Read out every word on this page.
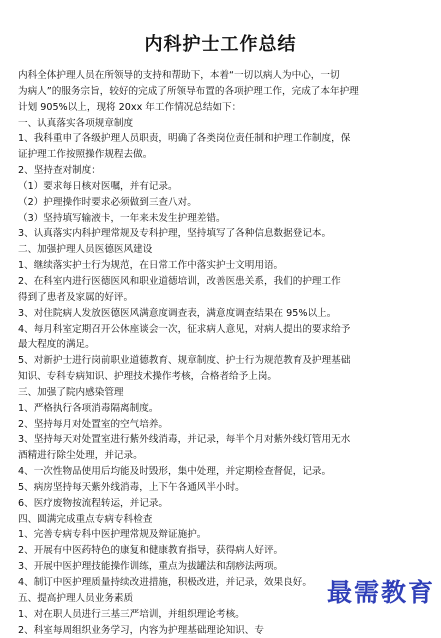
内科护士工作总结
内科全体护理人员在所领导的支持和帮助下，本着“一切以病人为中心，一切
为病人”的服务宗旨，较好的完成了所领导布置的各项护理工作，完成了本年护理
计划 905%以上，现将 20xx 年工作情况总结如下：
一、认真落实各项规章制度
1、我科重申了各级护理人员职责，明确了各类岗位责任制和护理工作制度，保
证护理工作按照操作规程去做。
2、坚持查对制度：
（1）要求每日核对医嘱，并有记录。
（2）护理操作时要求必须做到三查八对。
（3）坚持填写输液卡，一年来未发生护理差错。
3、认真落实内科护理常规及专科护理，坚持填写了各种信息数据登记本。
二、加强护理人员医德医风建设
1、继续落实护士行为规范，在日常工作中落实护士文明用语。
2、在科室内进行医德医风和职业道德培训，改善医患关系，我们的护理工作
得到了患者及家属的好评。
3、对住院病人发放医德医风满意度调查表，满意度调查结果在 95%以上。
4、每月科室定期召开公休座谈会一次，征求病人意见，对病人提出的要求给予
最大程度的满足。
5、对新护士进行岗前职业道德教育、规章制度、护士行为规范教育及护理基础
知识、专科专病知识、护理技术操作考核，合格者给予上岗。
三、加强了院内感染管理
1、严格执行各项消毒隔离制度。
2、坚持每月对处置室的空气培养。
3、坚持每天对处置室进行紫外线消毒，并记录，每半个月对紫外线灯管用无水
酒精进行除尘处理，并记录。
4、一次性物品使用后均能及时毁形，集中处理，并定期检查督促，记录。
5、病房坚持每天紫外线消毒，上下午各通风半小时。
6、医疗废物按流程转运，并记录。
四、圆满完成重点专病专科检查
1、完善专病专科中医护理常规及辩证施护。
2、开展有中医药特色的康复和健康教育指导，获得病人好评。
3、开展中医护理技能操作训练，重点为拔罐法和刮痧法两项。
4、制订中医护理质量持续改进措施，积极改进，并记录，效果良好。
五、提高护理人员业务素质
1、对在职人员进行三基三严培训，并组织理论考核。
2、科室每周组织业务学习，内容为护理基础理论知识、专
最需教育
